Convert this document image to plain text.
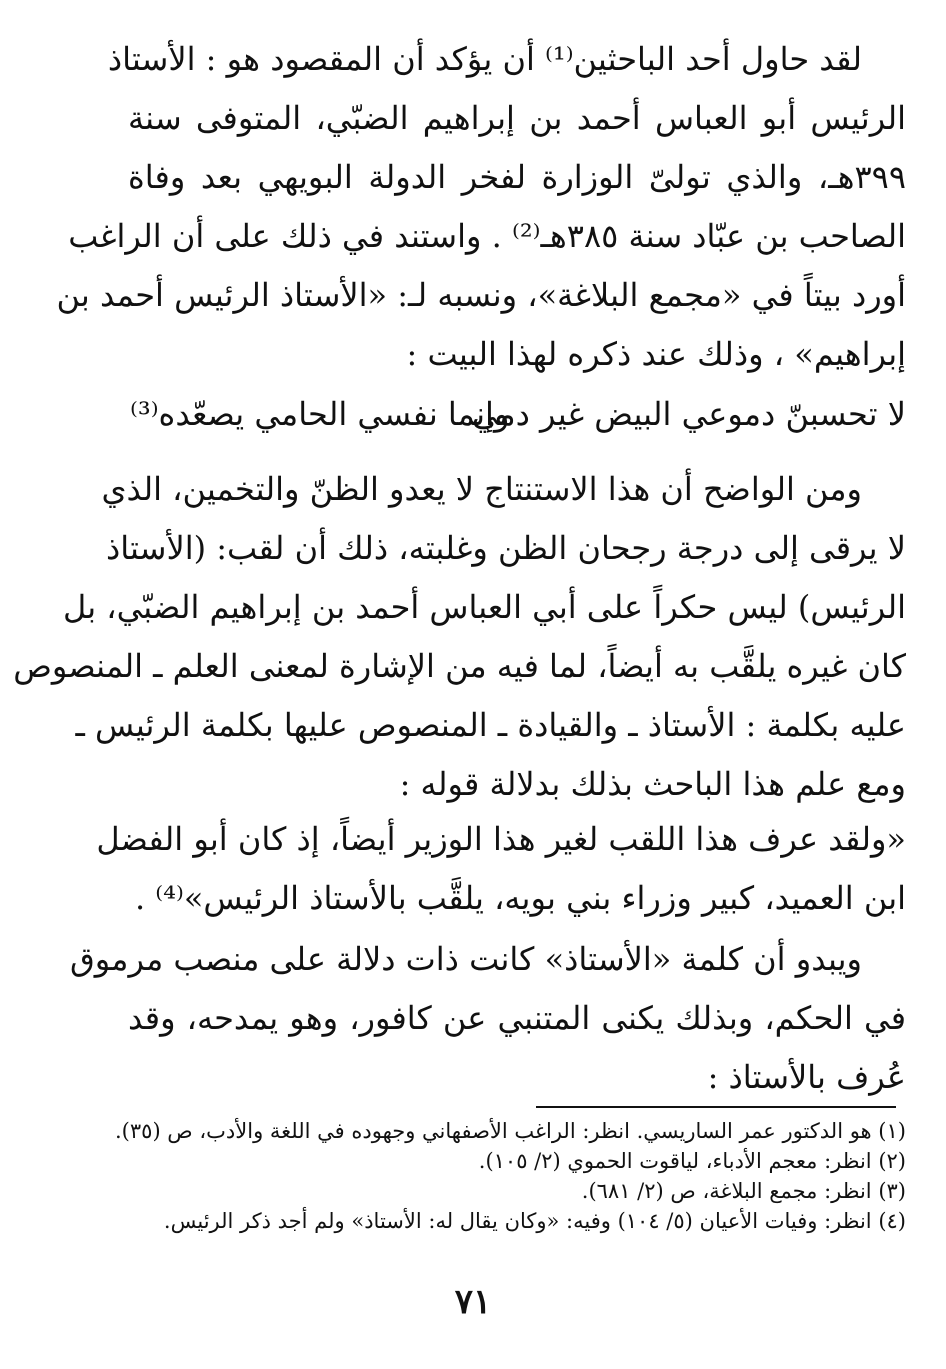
لقد حاول أحد الباحثين⁽¹⁾ أن يؤكد أن المقصود هو : الأستاذ
الرئيس أبو العباس أحمد بن إبراهيم الضبّي، المتوفى سنة
٣٩٩هـ، والذي تولىّ الوزارة لفخر الدولة البويهي بعد وفاة
الصاحب بن عبّاد سنة ٣٨٥هـ⁽²⁾ . واستند في ذلك على أن الراغب
أورد بيتاً في «مجمع البلاغة»، ونسبه لـ: «الأستاذ الرئيس أحمد بن
إبراهيم» ، وذلك عند ذكره لهذا البيت :
لا تحسبنّ دموعي البيض غير دمي
وإنما نفسي الحامي يصعّده⁽³⁾
ومن الواضح أن هذا الاستنتاج لا يعدو الظنّ والتخمين، الذي
لا يرقى إلى درجة رجحان الظن وغلبته، ذلك أن لقب: (الأستاذ
الرئيس) ليس حكراً على أبي العباس أحمد بن إبراهيم الضبّي، بل
كان غيره يلقَّب به أيضاً، لما فيه من الإشارة لمعنى العلم ـ المنصوص
عليه بكلمة : الأستاذ ـ والقيادة ـ المنصوص عليها بكلمة الرئيس ـ
ومع علم هذا الباحث بذلك بدلالة قوله :
«ولقد عرف هذا اللقب لغير هذا الوزير أيضاً، إذ كان أبو الفضل
ابن العميد، كبير وزراء بني بويه، يلقَّب بالأستاذ الرئيس»⁽⁴⁾ .
ويبدو أن كلمة «الأستاذ» كانت ذات دلالة على منصب مرموق
في الحكم، وبذلك يكنى المتنبي عن كافور، وهو يمدحه، وقد
عُرف بالأستاذ :
(١) هو الدكتور عمر الساريسي. انظر: الراغب الأصفهاني وجهوده في اللغة والأدب، ص (٣٥).
(٢) انظر: معجم الأدباء، لياقوت الحموي (٢/ ١٠٥).
(٣) انظر: مجمع البلاغة، ص (٢/ ٦٨١).
(٤) انظر: وفيات الأعيان (٥/ ١٠٤) وفيه: «وكان يقال له: الأستاذ» ولم أجد ذكر الرئيس.
٧١
